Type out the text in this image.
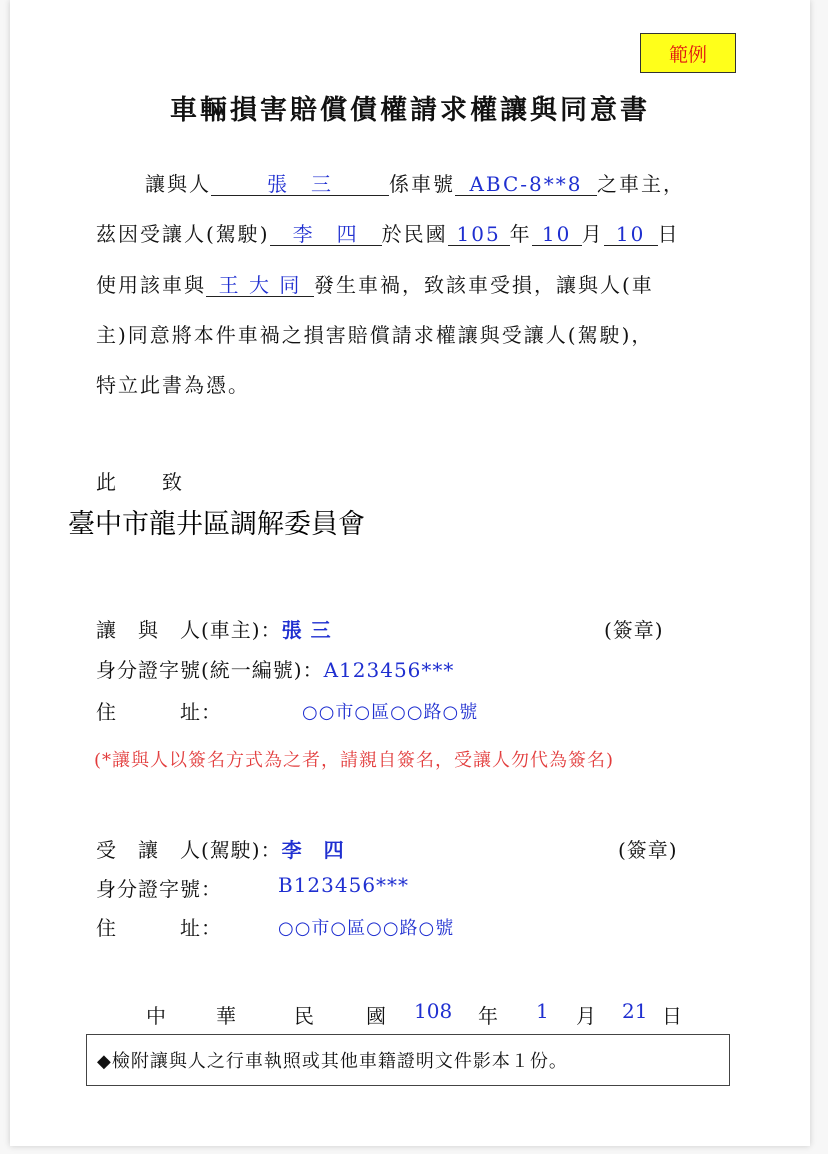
範例
車輛損害賠償債權請求權讓與同意書
讓與人	張　三	係車號 ABC-8**8 之車主，
茲因受讓人(駕駛) 李　四 於民國 105 年 10 月 10 日
使用該車與 王 大 同 發生車禍，致該車受損，讓與人(車
主)同意將本件車禍之損害賠償請求權讓與受讓人(駕駛)，
特立此書為憑。
此　　致
臺中市龍井區調解委員會
讓　與　人(車主)：張 三	(簽章)
身分證字號(統一編號)：A123456***
住　　　址：	○○市○區○○路○號
(*讓與人以簽名方式為之者，請親自簽名，受讓人勿代為簽名)
受　讓　人(駕駛)：李　四	(簽章)
身分證字號：	B123456***
住　　　址：	○○市○區○○路○號
中	華	民	國 108 年 1 月 21 日
◆檢附讓與人之行車執照或其他車籍證明文件影本１份。
